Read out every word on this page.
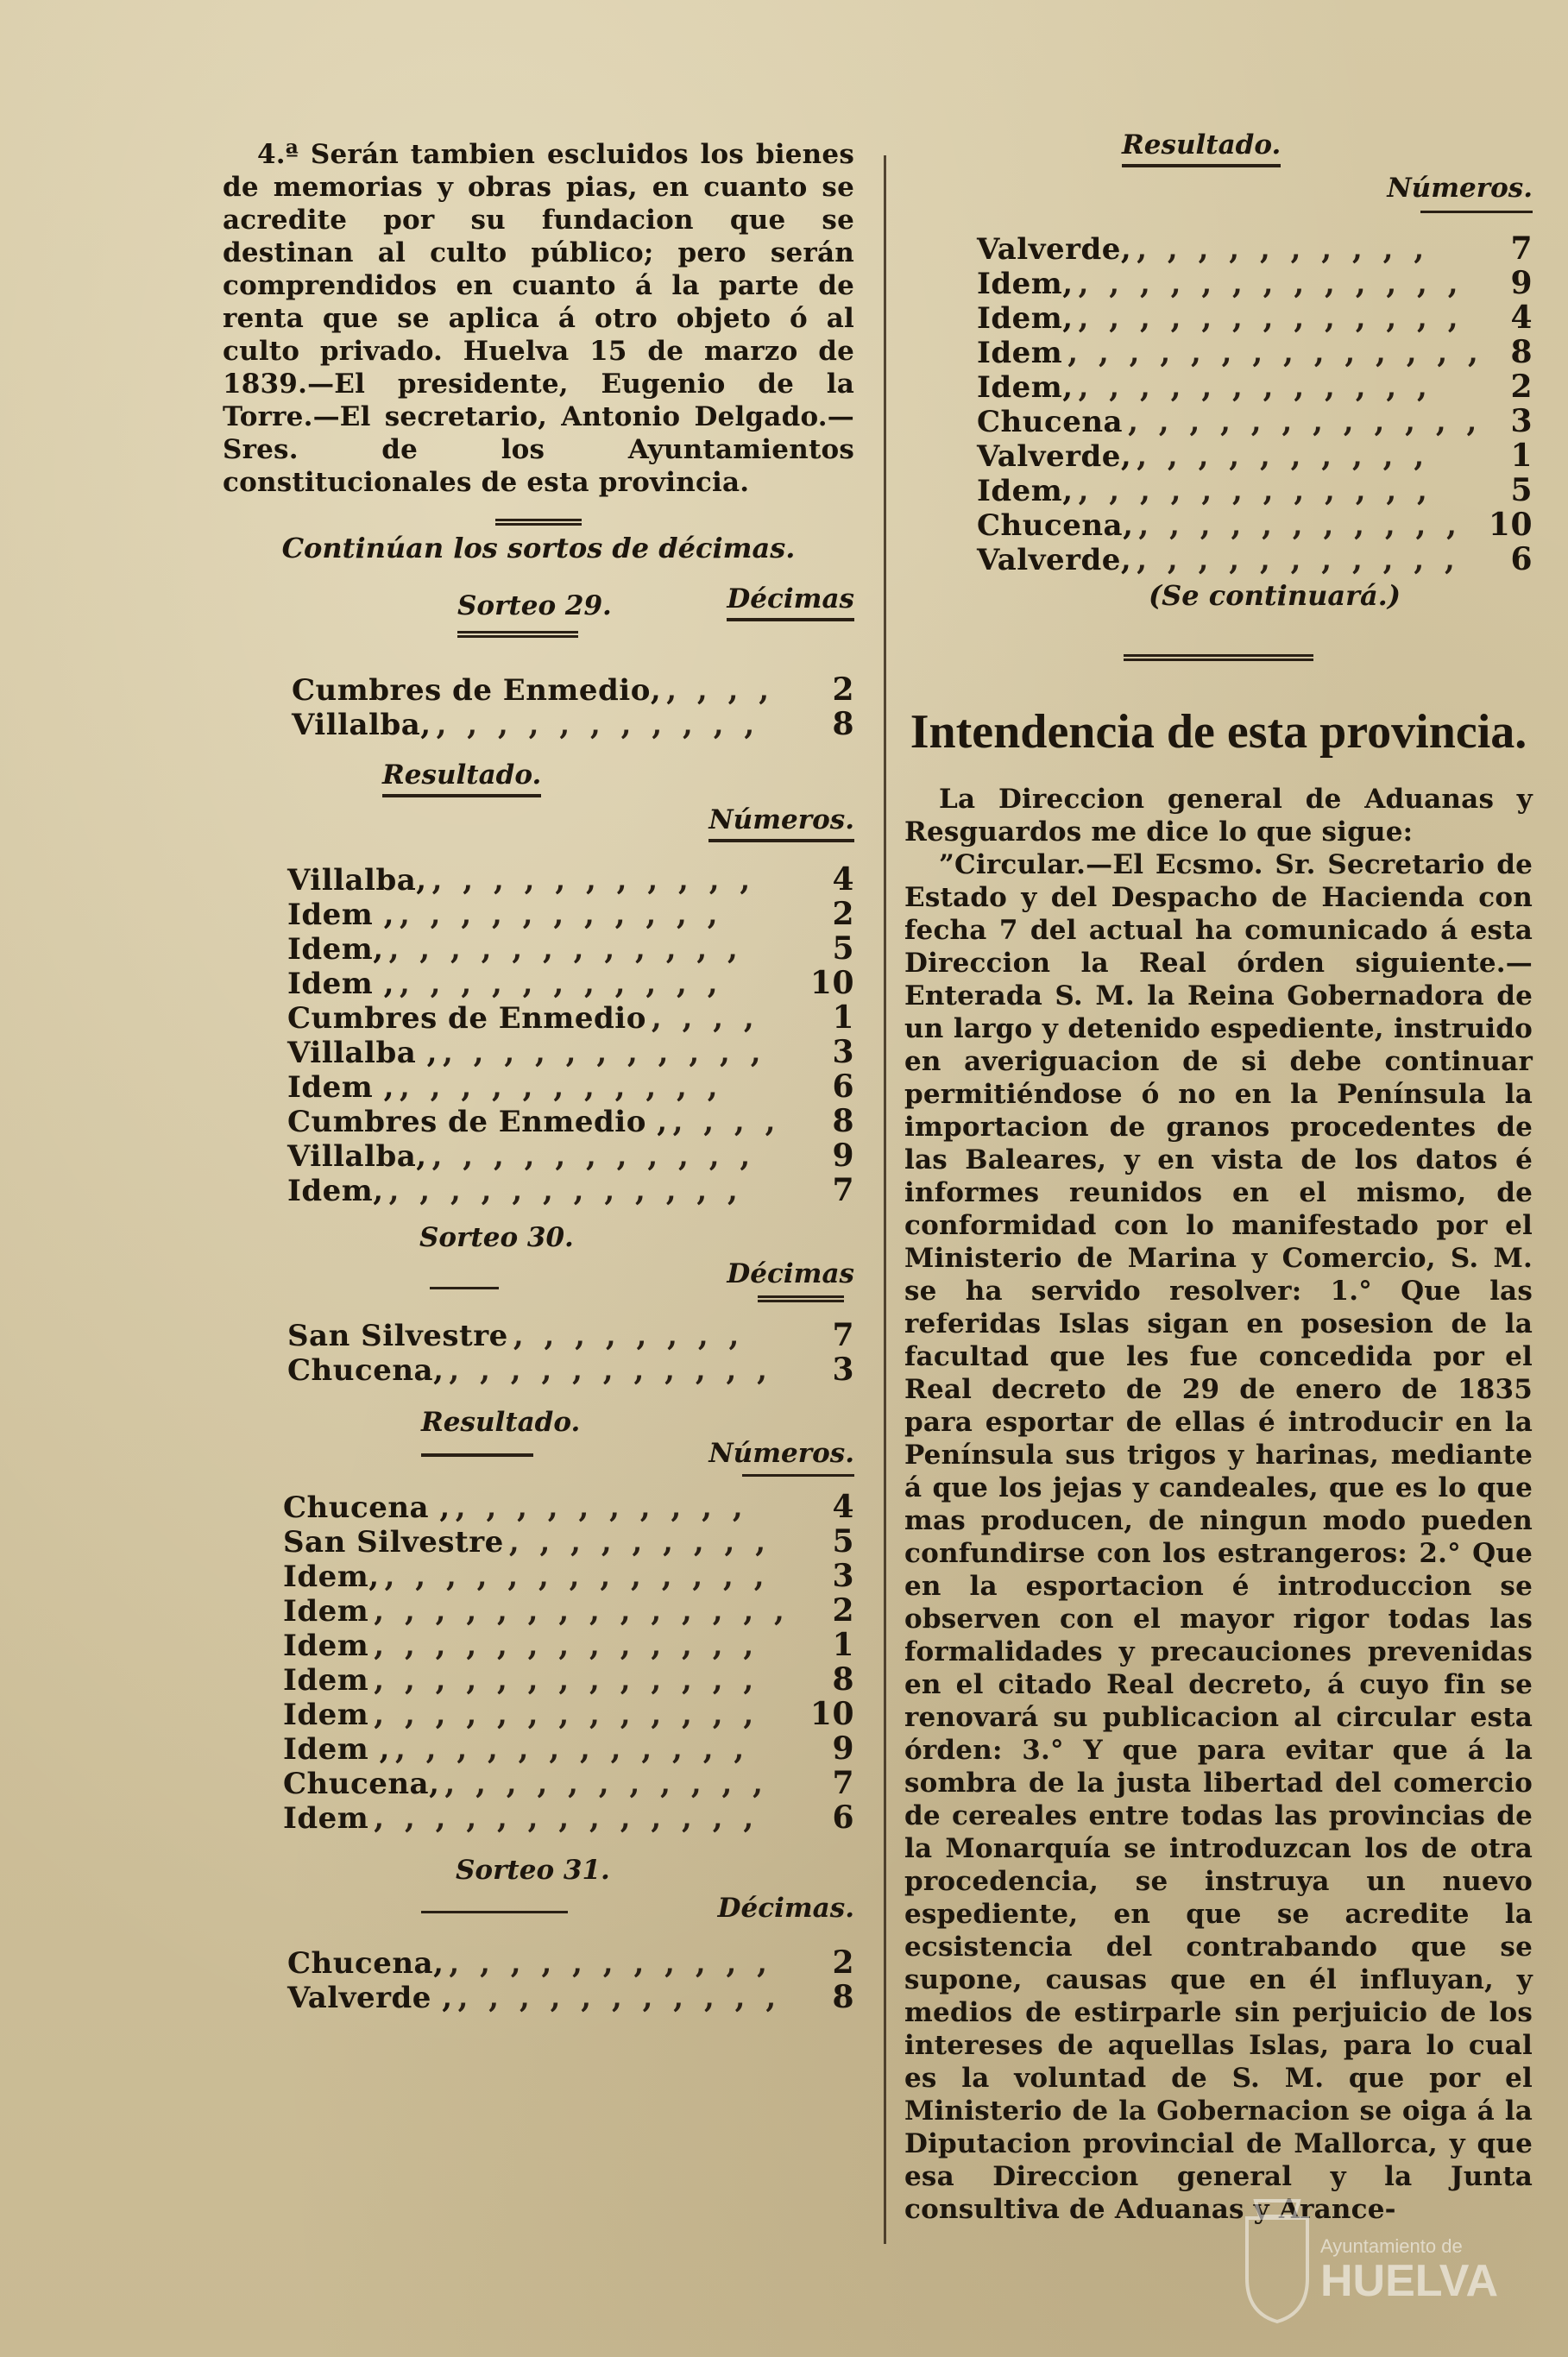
4.ª Serán tambien escluidos los bienes de memorias y obras pias, en cuanto se acredite por su fundacion que se destinan al culto público; pero serán comprendidos en cuanto á la parte de renta que se aplica á otro objeto ó al culto privado. Huelva 15 de marzo de 1839.—El presidente, Eugenio de la Torre.—El secretario, Antonio Delgado.—Sres. de los Ayuntamientos constitucionales de esta provincia.

Continúan los sortos de décimas.

Sorteo 29.	Décimas
Cumbres de Enmedio, , , , ,	2
Villalba, , , , , , , , , , , ,	8
Resultado.
Números.
Villalba, , , , , , , , , , , ,	4
Idem , , , , , , , , , , , ,	2
Idem, , , , , , , , , , , , ,	5
Idem , , , , , , , , , , , ,	10
Cumbres de Enmedio , , , ,	1
Villalba , , , , , , , , , , , ,	3
Idem , , , , , , , , , , , ,	6
Cumbres de Enmedio , , , , ,	8
Villalba, , , , , , , , , , , ,	9
Idem, , , , , , , , , , , , ,	7
Sorteo 30.
Décimas
San Silvestre , , , , , , , ,	7
Chucena, , , , , , , , , , , ,	3
Resultado.
Números.
Chucena , , , , , , , , , , ,	4
San Silvestre , , , , , , , , ,	5
Idem, , , , , , , , , , , , , ,	3
Idem , , , , , , , , , , , , , ,	2
Idem , , , , , , , , , , , , ,	1
Idem , , , , , , , , , , , , ,	8
Idem , , , , , , , , , , , , ,	10
Idem , , , , , , , , , , , , ,	9
Chucena, , , , , , , , , , , ,	7
Idem , , , , , , , , , , , , ,	6
Sorteo 31.
Décimas.
Chucena, , , , , , , , , , , ,	2
Valverde , , , , , , , , , , , ,	8
Resultado.
Números.
Valverde, , , , , , , , , , ,	7
Idem, , , , , , , , , , , , , ,	9
Idem, , , , , , , , , , , , , ,	4
Idem , , , , , , , , , , , , , , 8
Idem, , , , , , , , , , , , ,	2
Chucena , , , , , , , , , , , , 3
Valverde, , , , , , , , , , ,	1
Idem, , , , , , , , , , , , ,	5
Chucena, , , , , , , , , , , , 10
Valverde, , , , , , , , , , , ,	6

(Se continuará.)

Intendencia de esta provincia.

La Direccion general de Aduanas y Resguardos me dice lo que sigue:

”Circular.—El Ecsmo. Sr. Secretario de Estado y del Despacho de Hacienda con fecha 7 del actual ha comunicado á esta Direccion la Real órden siguiente.—Enterada S. M. la Reina Gobernadora de un largo y detenido espediente, instruido en averiguacion de si debe continuar permitiéndose ó no en la Península la importacion de granos procedentes de las Baleares, y en vista de los datos é informes reunidos en el mismo, de conformidad con lo manifestado por el Ministerio de Marina y Comercio, S. M. se ha servido resolver: 1.° Que las referidas Islas sigan en posesion de la facultad que les fue concedida por el Real decreto de 29 de enero de 1835 para esportar de ellas é introducir en la Península sus trigos y harinas, mediante á que los jejas y candeales, que es lo que mas producen, de ningun modo pueden confundirse con los estrangeros: 2.° Que en la esportacion é introduccion se observen con el mayor rigor todas las formalidades y precauciones prevenidas en el citado Real decreto, á cuyo fin se renovará su publicacion al circular esta órden: 3.° Y que para evitar que á la sombra de la justa libertad del comercio de cereales entre todas las provincias de la Monarquía se introduzcan los de otra procedencia, se instruya un nuevo espediente, en que se acredite la ecsistencia del contrabando que se supone, causas que en él influyan, y medios de estirparle sin perjuicio de los intereses de aquellas Islas, para lo cual es la voluntad de S. M. que por el Ministerio de la Gobernacion se oiga á la Diputacion provincial de Mallorca, y que esa Direccion general y la Junta consultiva de Aduanas y Arance-

Ayuntamiento de
HUELVA
